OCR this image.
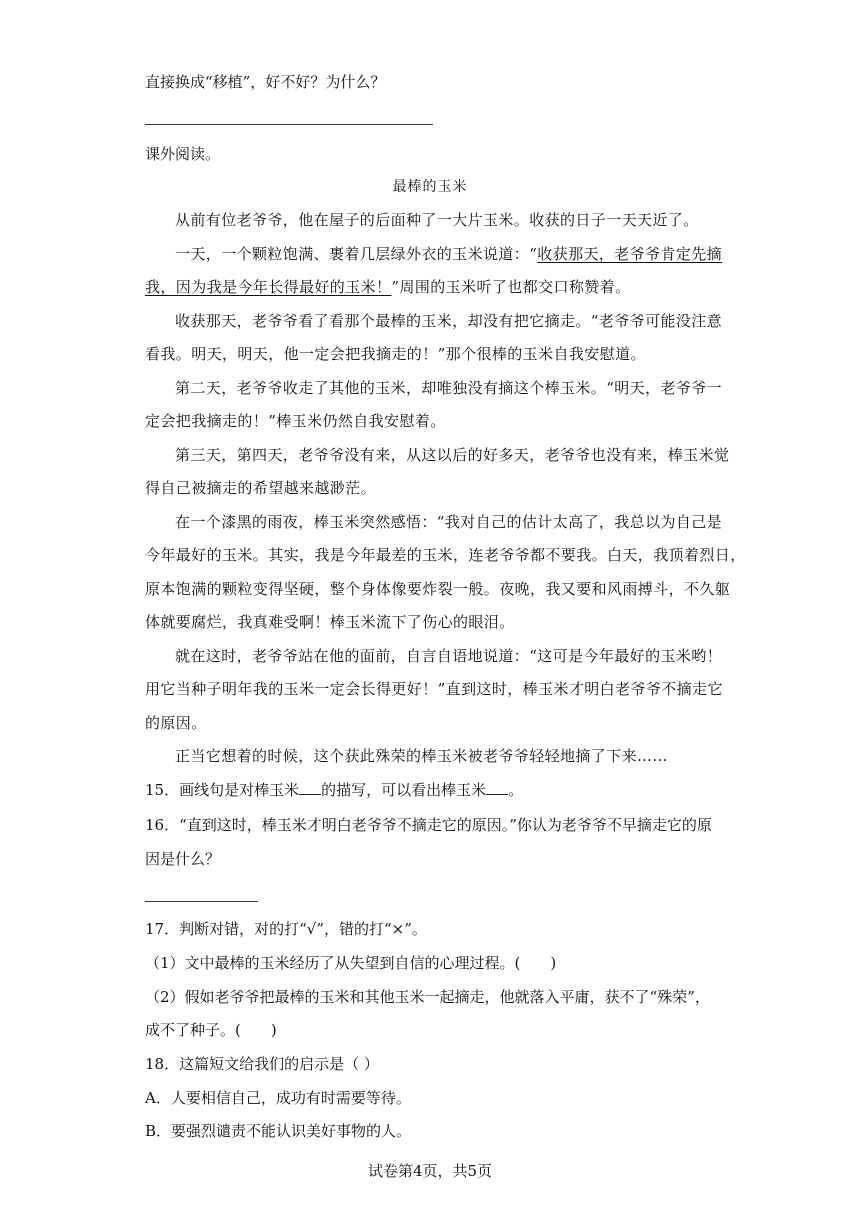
直接换成“移植”，好不好？为什么？
课外阅读。
最棒的玉米
从前有位老爷爷，他在屋子的后面种了一大片玉米。收获的日子一天天近了。
一天，一个颗粒饱满、裹着几层绿外衣的玉米说道：“收获那天，老爷爷肯定先摘
我，因为我是今年长得最好的玉米！”周围的玉米听了也都交口称赞着。
收获那天，老爷爷看了看那个最棒的玉米，却没有把它摘走。“老爷爷可能没注意
看我。明天，明天，他一定会把我摘走的！”那个很棒的玉米自我安慰道。
第二天，老爷爷收走了其他的玉米，却唯独没有摘这个棒玉米。“明天，老爷爷一
定会把我摘走的！”棒玉米仍然自我安慰着。
第三天，第四天，老爷爷没有来，从这以后的好多天，老爷爷也没有来，棒玉米觉
得自己被摘走的希望越来越渺茫。
在一个漆黑的雨夜，棒玉米突然感悟：“我对自己的估计太高了，我总以为自己是
今年最好的玉米。其实，我是今年最差的玉米，连老爷爷都不要我。白天，我顶着烈日，
原本饱满的颗粒变得坚硬，整个身体像要炸裂一般。夜晚，我又要和风雨搏斗，不久躯
体就要腐烂，我真难受啊！棒玉米流下了伤心的眼泪。
就在这时，老爷爷站在他的面前，自言自语地说道：“这可是今年最好的玉米哟！
用它当种子明年我的玉米一定会长得更好！”直到这时，棒玉米才明白老爷爷不摘走它
的原因。
正当它想着的时候，这个获此殊荣的棒玉米被老爷爷轻轻地摘了下来……
15．画线句是对棒玉米 的描写，可以看出棒玉米 。
16．“直到这时，棒玉米才明白老爷爷不摘走它的原因。”你认为老爷爷不早摘走它的原
因是什么？
17．判断对错，对的打“√”，错的打“×”。
（1）文中最棒的玉米经历了从失望到自信的心理过程。( )
（2）假如老爷爷把最棒的玉米和其他玉米一起摘走，他就落入平庸，获不了“殊荣”，
成不了种子。( )
18．这篇短文给我们的启示是（ ）
A．人要相信自己，成功有时需要等待。
B．要强烈谴责不能认识美好事物的人。
试卷第4页，共5页
